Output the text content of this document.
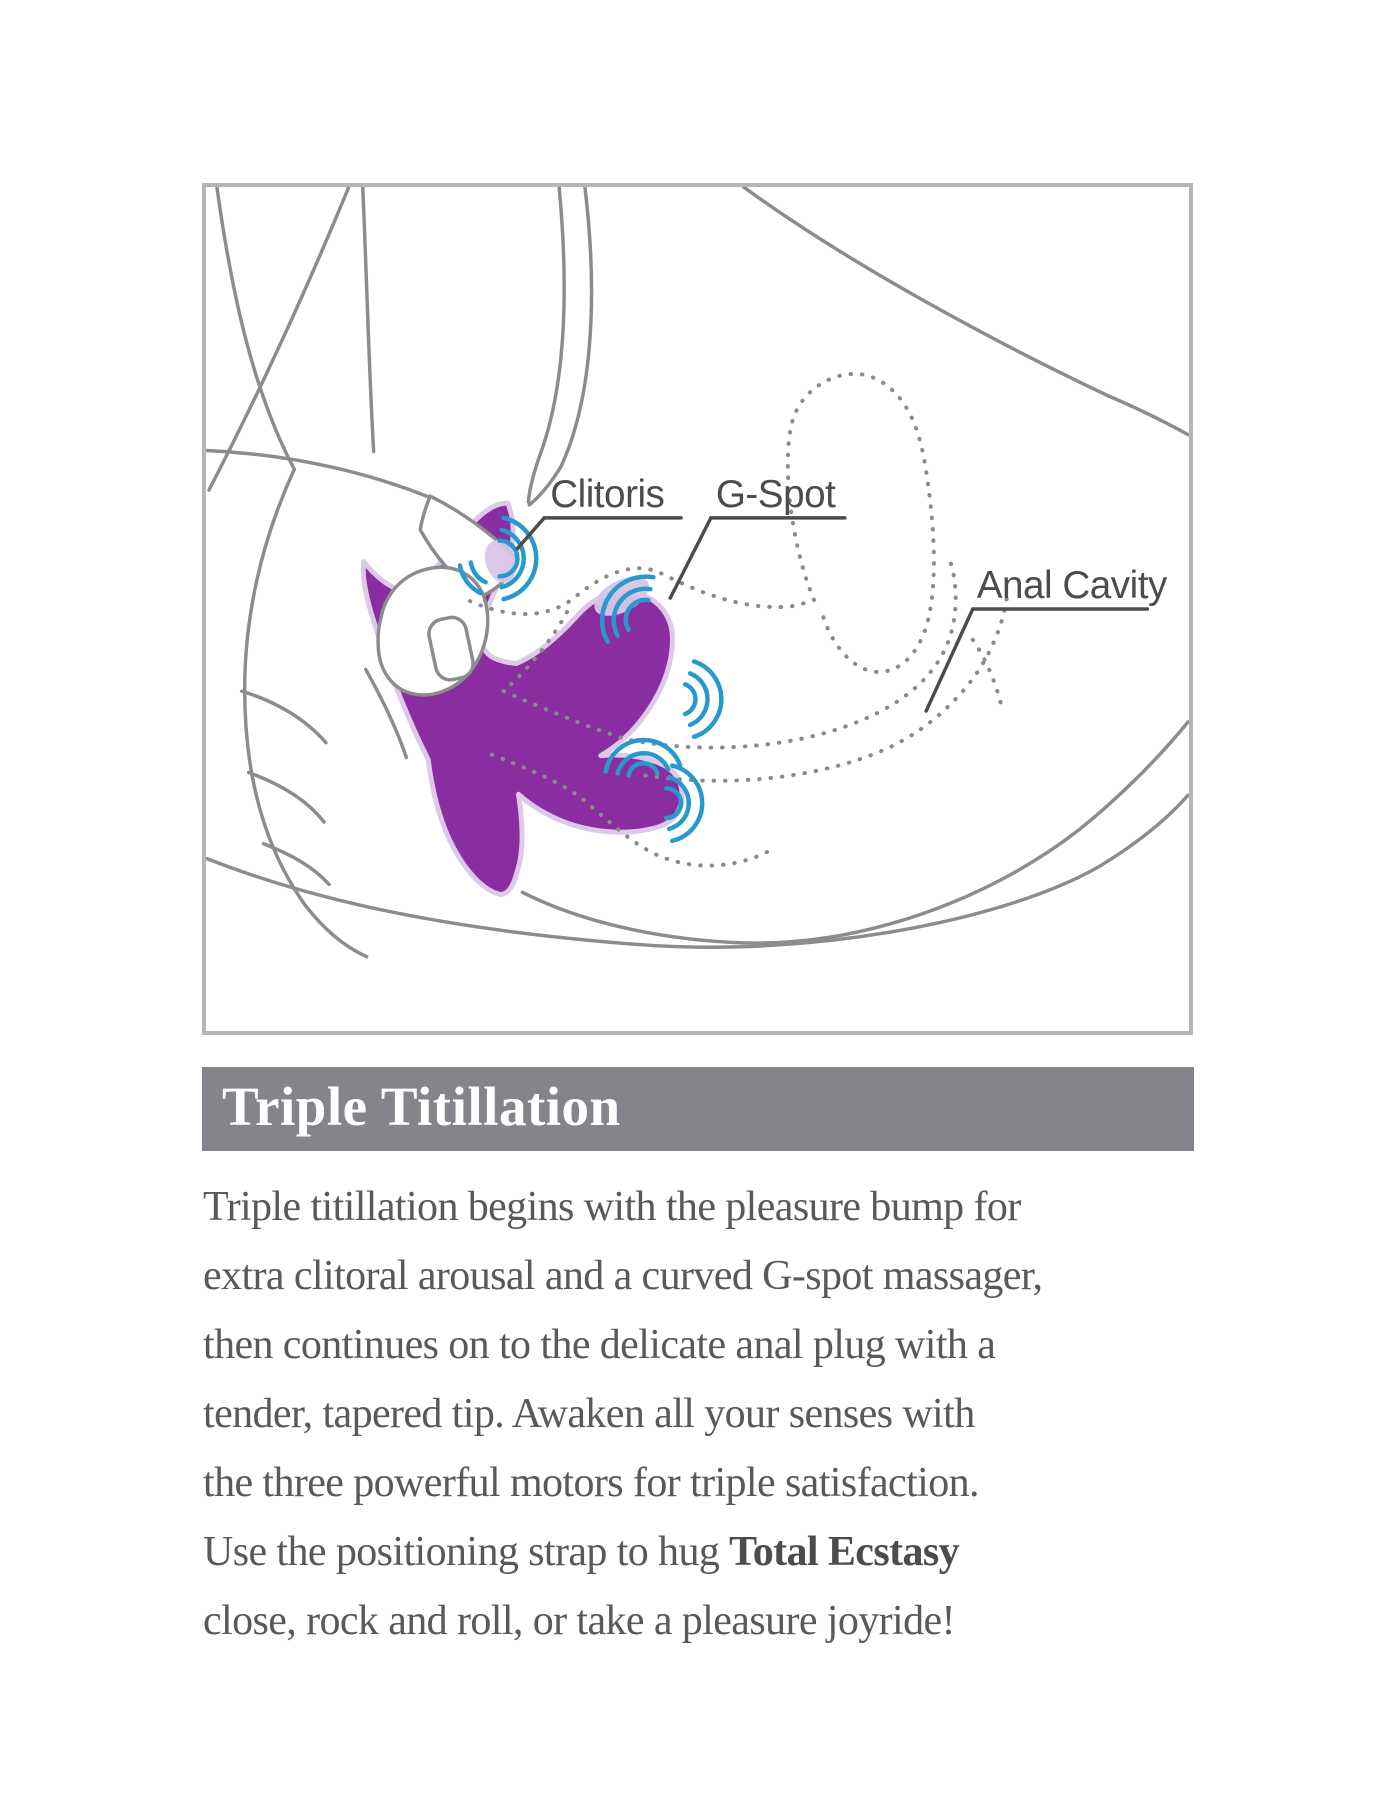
Clitoris G-Spot
Anal Cavity
Triple Titillation
Triple titillation begins with the pleasure bump for
extra clitoral arousal and a curved G-spot massager,
then continues on to the delicate anal plug with a
tender, tapered tip. Awaken all your senses with
the three powerful motors for triple satisfaction.
Use the positioning strap to hug Total Ecstasy
close, rock and roll, or take a pleasure joyride!
